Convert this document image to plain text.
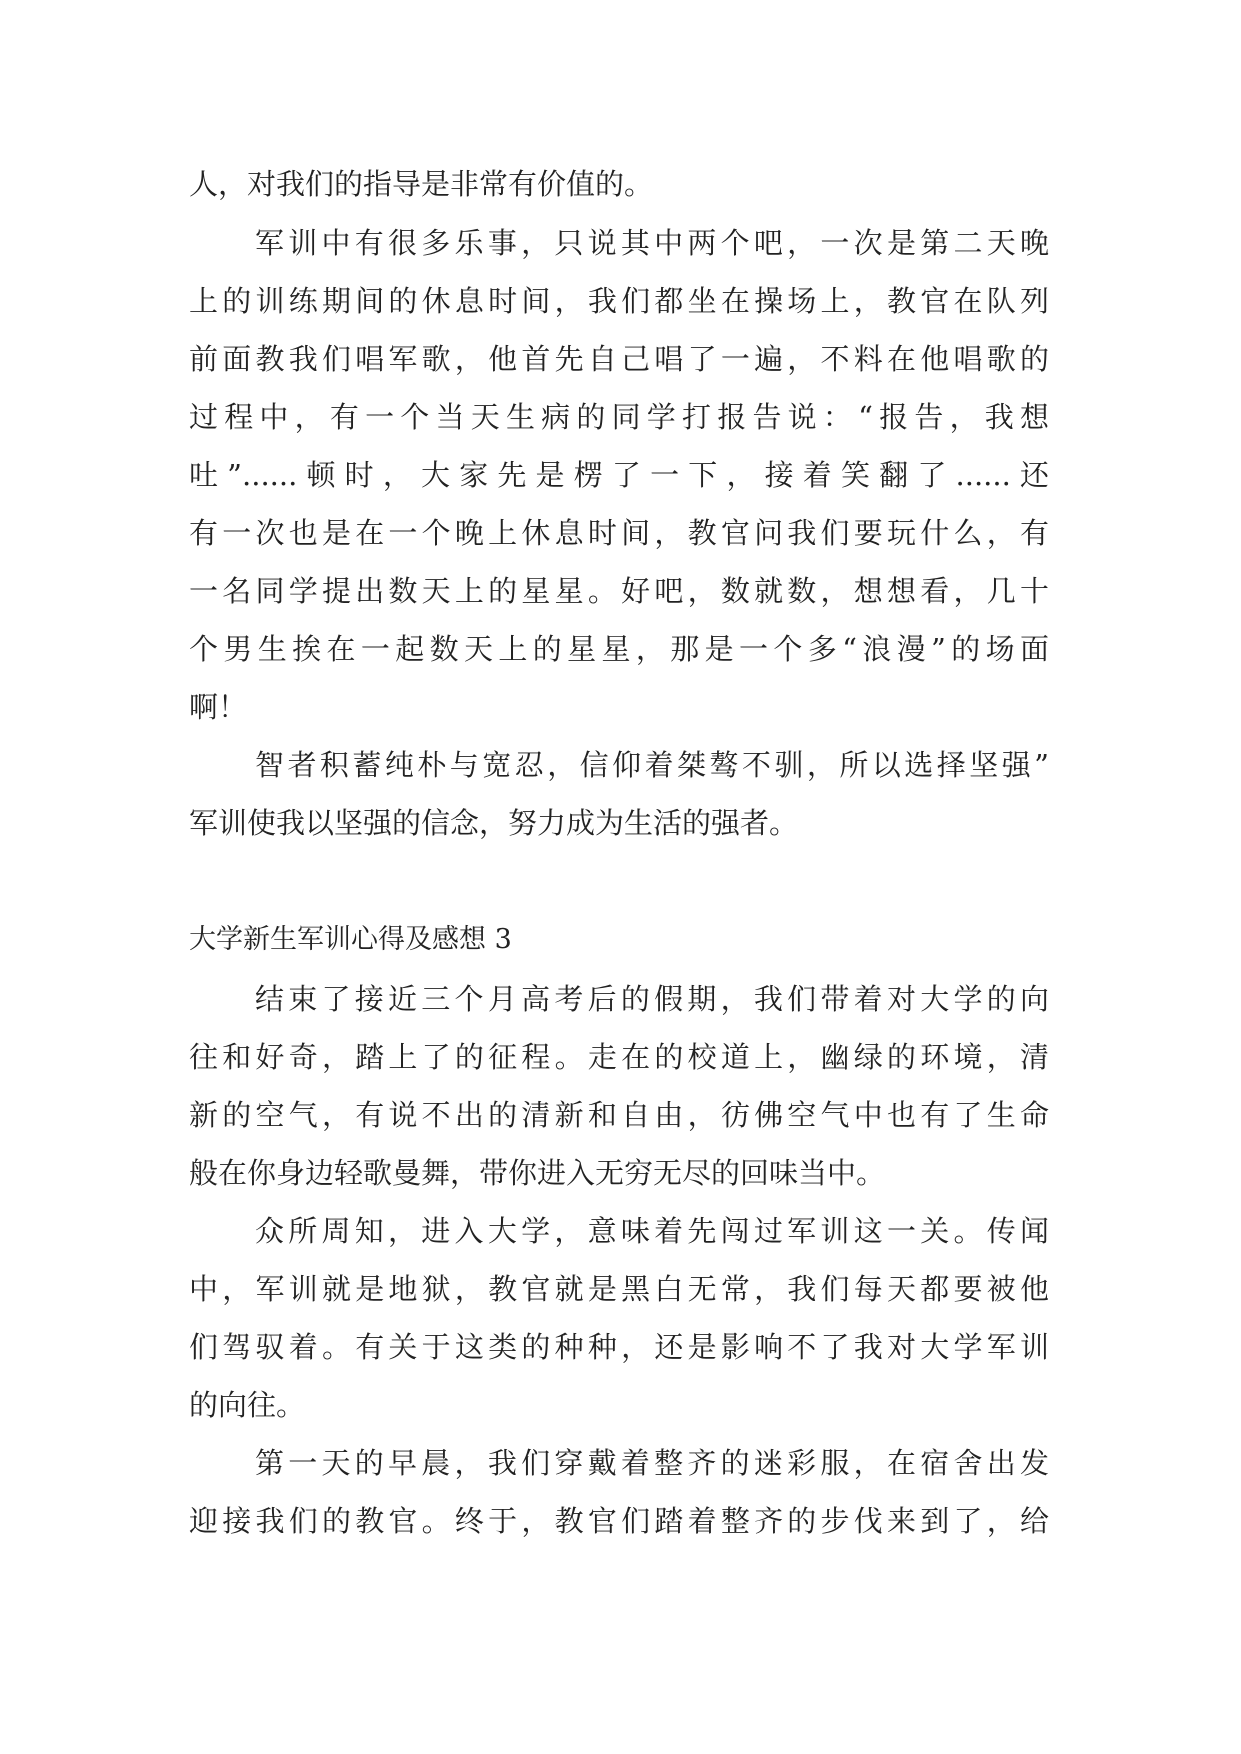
人，对我们的指导是非常有价值的。
军训中有很多乐事，只说其中两个吧，一次是第二天晚
上的训练期间的休息时间，我们都坐在操场上，教官在队列
前面教我们唱军歌，他首先自己唱了一遍，不料在他唱歌的
过程中，有一个当天生病的同学打报告说：“报告，我想
吐”......顿时，大家先是楞了一下，接着笑翻了......还
有一次也是在一个晚上休息时间，教官问我们要玩什么，有
一名同学提出数天上的星星。好吧，数就数，想想看，几十
个男生挨在一起数天上的星星，那是一个多“浪漫”的场面
啊！
智者积蓄纯朴与宽忍，信仰着桀骜不驯，所以选择坚强”
军训使我以坚强的信念，努力成为生活的强者。
大学新生军训心得及感想 3
结束了接近三个月高考后的假期，我们带着对大学的向
往和好奇，踏上了的征程。走在的校道上，幽绿的环境，清
新的空气，有说不出的清新和自由，彷佛空气中也有了生命
般在你身边轻歌曼舞，带你进入无穷无尽的回味当中。
众所周知，进入大学，意味着先闯过军训这一关。传闻
中，军训就是地狱，教官就是黑白无常，我们每天都要被他
们驾驭着。有关于这类的种种，还是影响不了我对大学军训
的向往。
第一天的早晨，我们穿戴着整齐的迷彩服，在宿舍出发
迎接我们的教官。终于，教官们踏着整齐的步伐来到了，给
